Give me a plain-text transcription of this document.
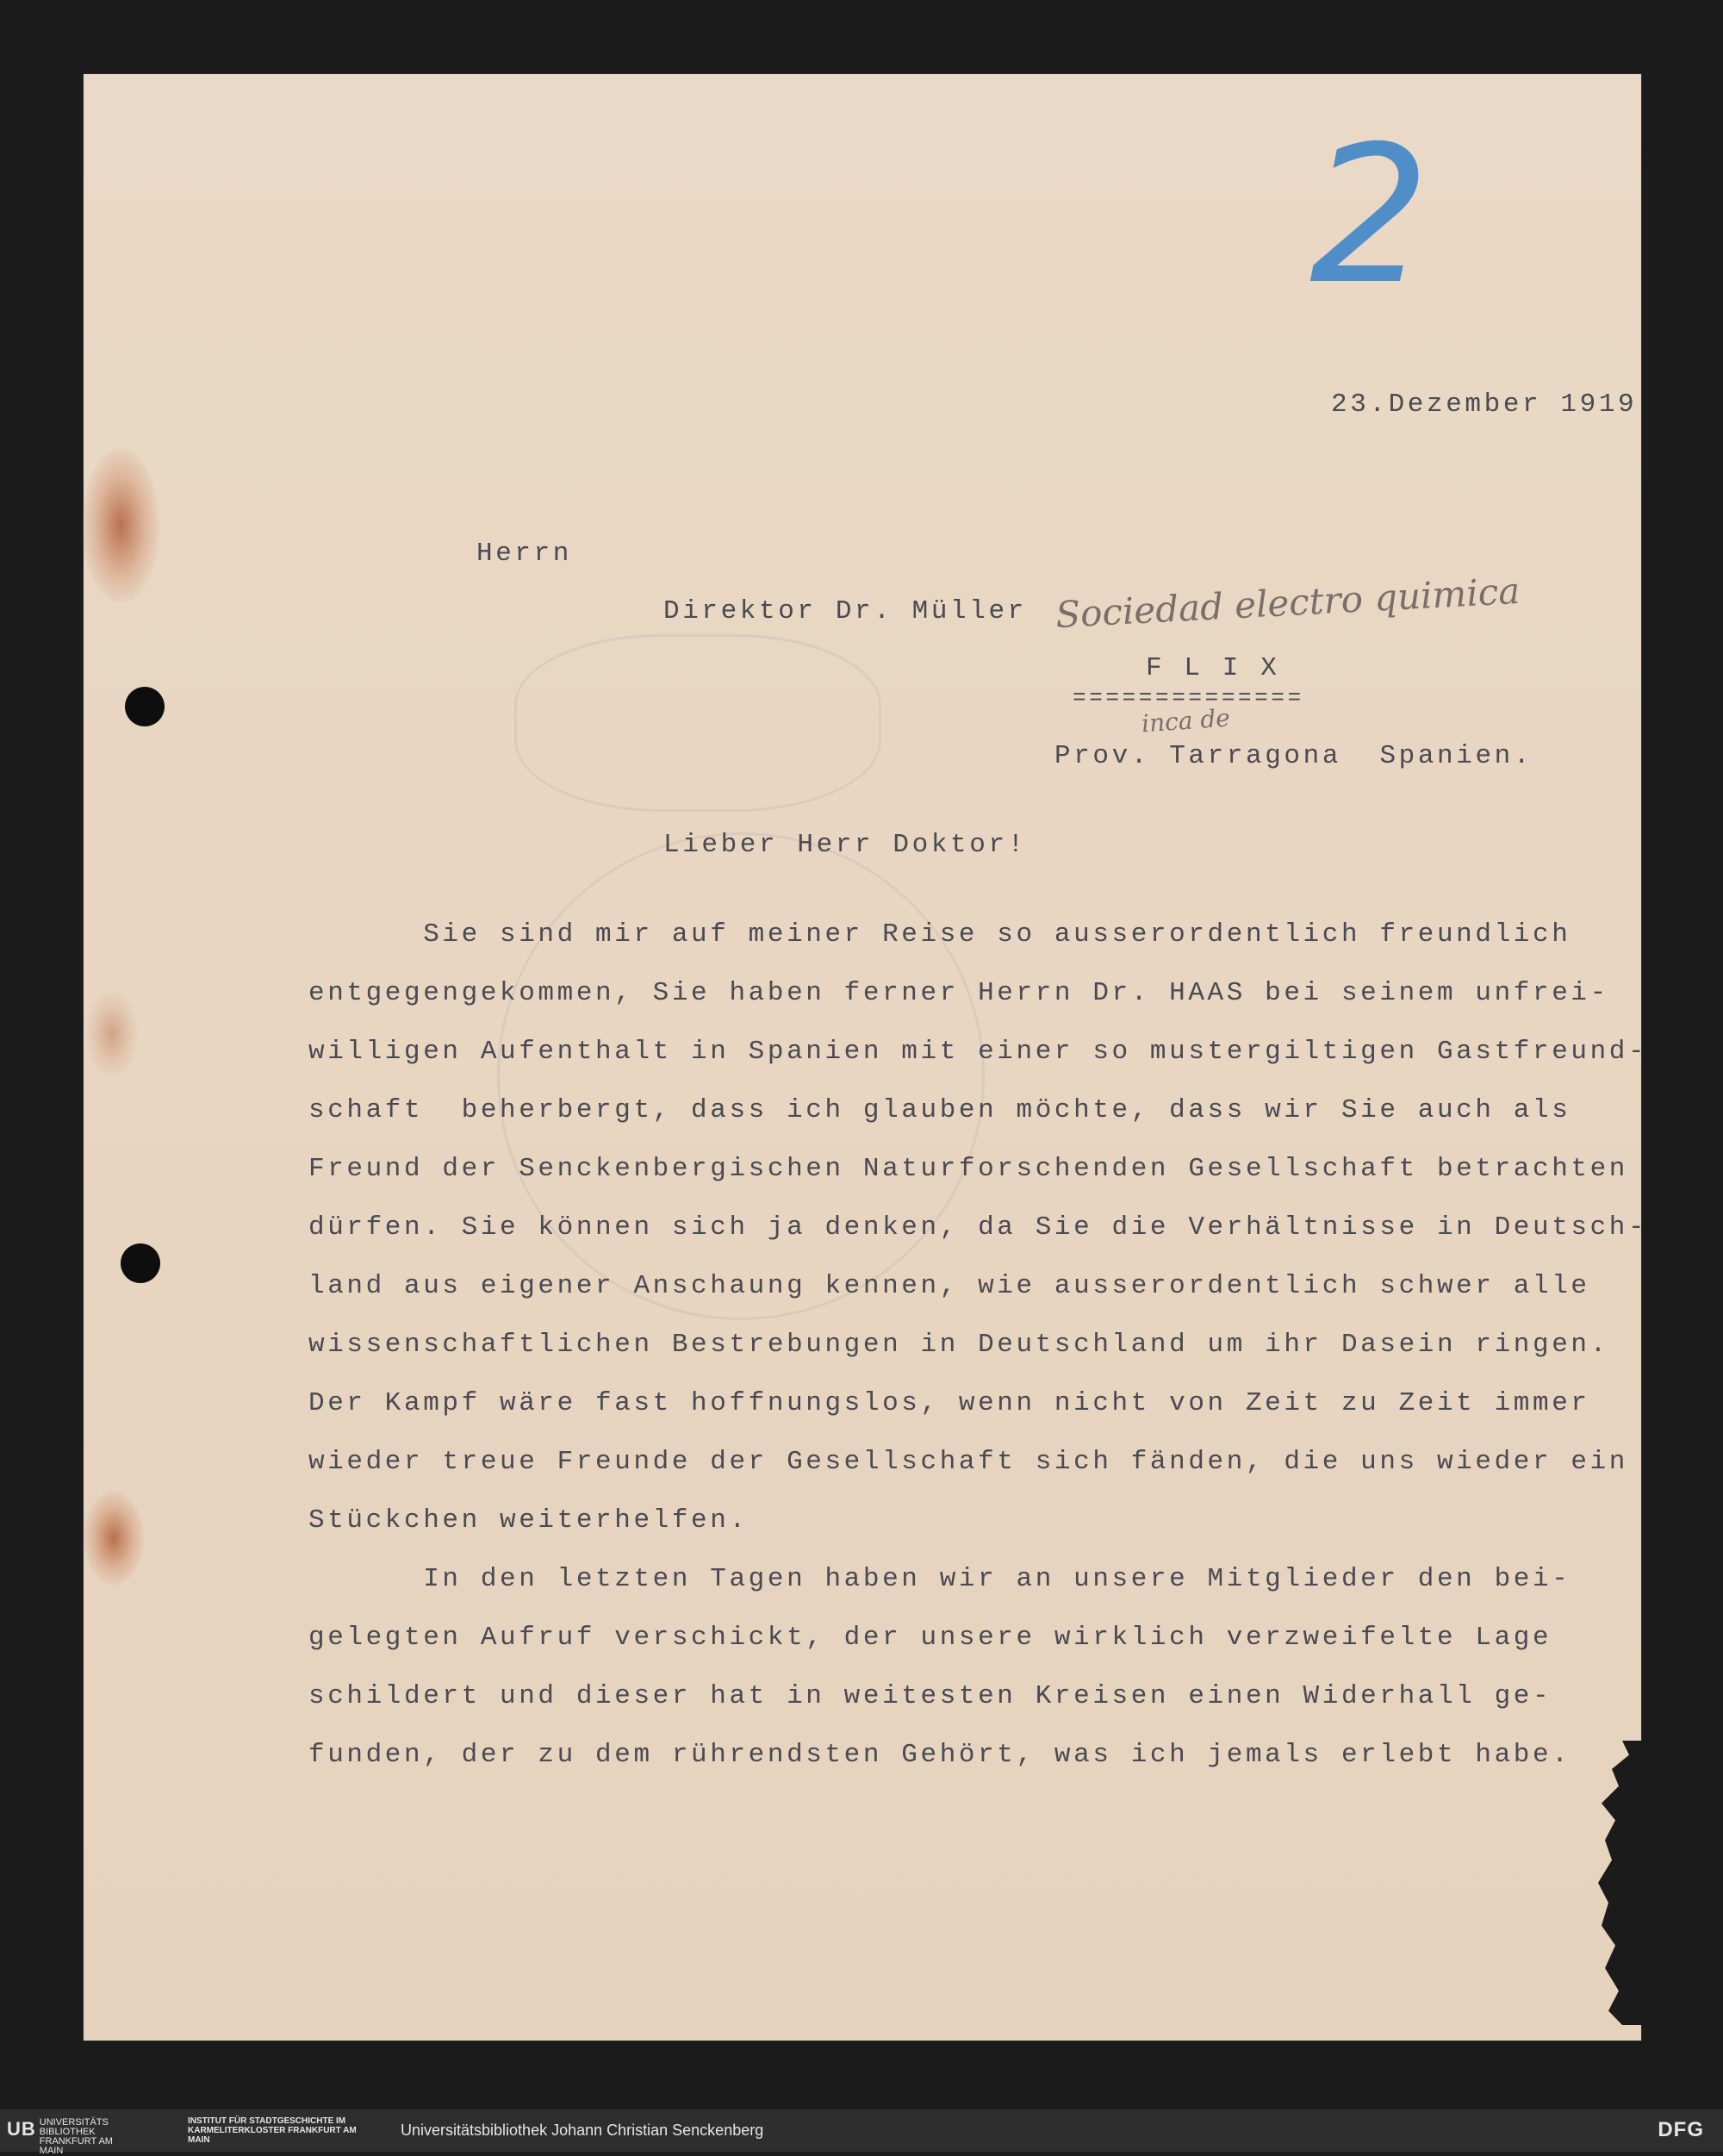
2
23.Dezember 1919
Herrn
Direktor Dr. Müller Sociedad electro quimica
F L I X
==============
inca de
Prov. Tarragona  Spanien.
Lieber Herr Doktor!
Sie sind mir auf meiner Reise so ausserordentlich freundlich
entgegengekommen, Sie haben ferner Herrn Dr. HAAS bei seinem unfrei-
willigen Aufenthalt in Spanien mit einer so mustergiltigen Gastfreund-
schaft  beherbergt, dass ich glauben möchte, dass wir Sie auch als
Freund der Senckenbergischen Naturforschenden Gesellschaft betrachten
dürfen. Sie können sich ja denken, da Sie die Verhältnisse in Deutsch-
land aus eigener Anschaung kennen, wie ausserordentlich schwer alle
wissenschaftlichen Bestrebungen in Deutschland um ihr Dasein ringen.
Der Kampf wäre fast hoffnungslos, wenn nicht von Zeit zu Zeit immer
wieder treue Freunde der Gesellschaft sich fänden, die uns wieder ein
Stückchen weiterhelfen.
In den letzten Tagen haben wir an unsere Mitglieder den bei-
gelegten Aufruf verschickt, der unsere wirklich verzweifelte Lage
schildert und dieser hat in weitesten Kreisen einen Widerhall ge-
funden, der zu dem rührendsten Gehört, was ich jemals erlebt habe.
UB UNIVERSITÄTS BIBLIOTHEK FRANKFURT AM MAIN
INSTITUT FÜR STADTGESCHICHTE IM KARMELITERKLOSTER FRANKFURT AM MAIN
Universitätsbibliothek Johann Christian Senckenberg	DFG
